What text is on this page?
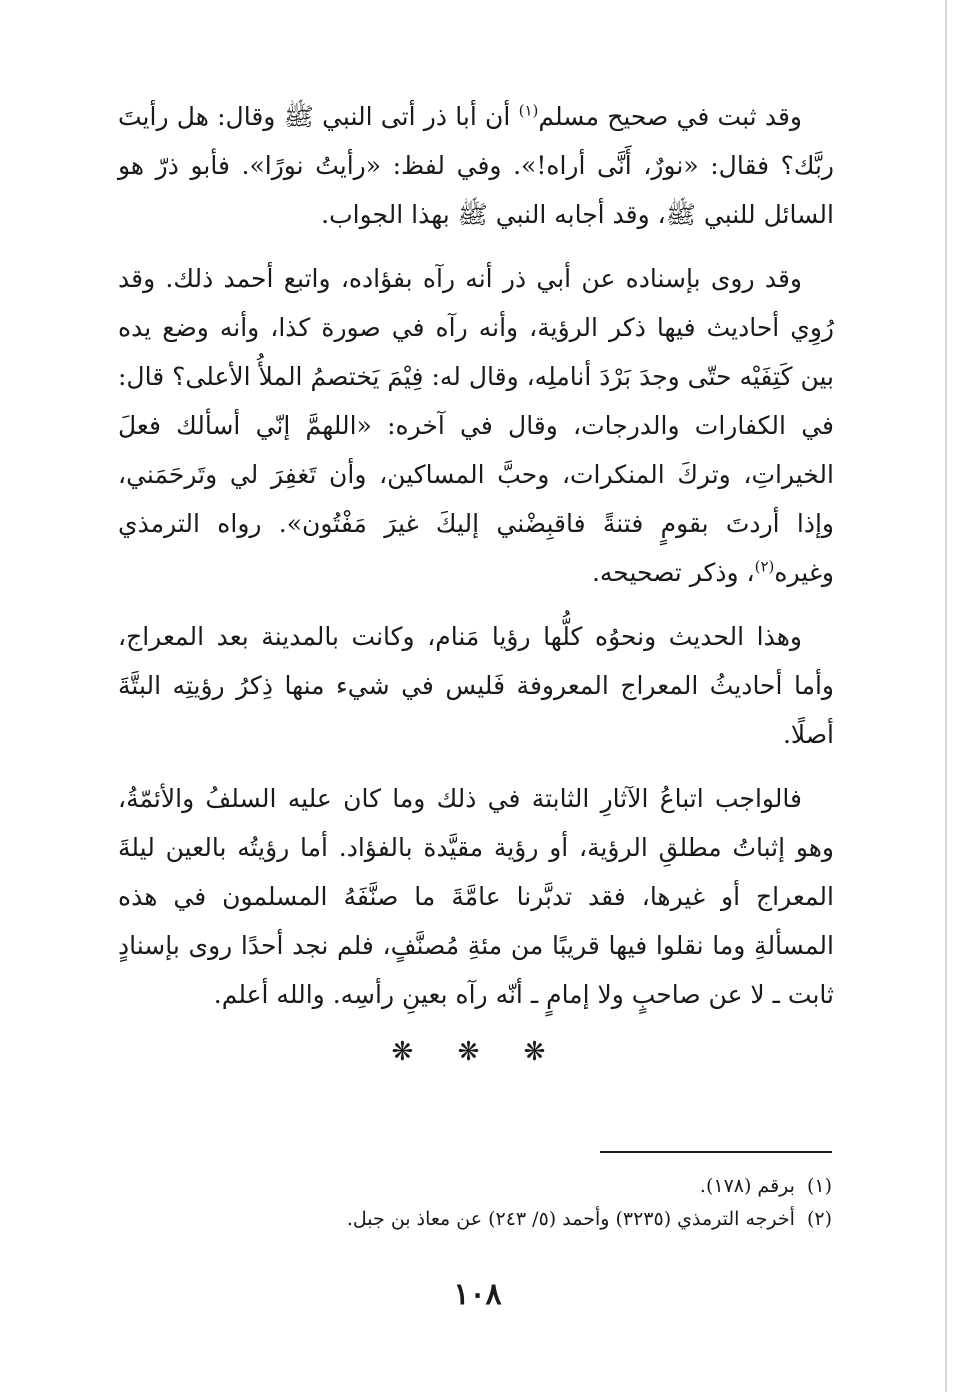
وقد ثبت في صحيح مسلم$^{(١)}$ أن أبا ذر أتى النبي ﷺ وقال: هل رأيتَ ربَّك؟ فقال: «نورٌ، أَنَّى أراه!». وفي لفظ: «رأيتُ نورًا». فأبو ذرّ هو السائل للنبي ﷺ، وقد أجابه النبي ﷺ بهذا الجواب.

وقد روى بإسناده عن أبي ذر أنه رآه بفؤاده، واتبع أحمد ذلك. وقد رُوِي أحاديث فيها ذكر الرؤية، وأنه رآه في صورة كذا، وأنه وضع يده بين كَتِفَيْه حتّى وجدَ بَرْدَ أناملِه، وقال له: فِيْمَ يَختصمُ الملأُ الأعلى؟ قال: في الكفارات والدرجات، وقال في آخره: «اللهمَّ إنّي أسألك فعلَ الخيراتِ، وتركَ المنكرات، وحبَّ المساكين، وأن تَغفِرَ لي وتَرحَمَني، وإذا أردتَ بقومٍ فتنةً فاقبِضْني إليكَ غيرَ مَفْتُون». رواه الترمذي وغيره$^{(٢)}$، وذكر تصحيحه.

وهذا الحديث ونحوُه كلُّها رؤيا مَنام، وكانت بالمدينة بعد المعراج، وأما أحاديثُ المعراج المعروفة فَليس في شيء منها ذِكرُ رؤيتِه البتَّةَ أصلًا.

فالواجب اتباعُ الآثارِ الثابتة في ذلك وما كان عليه السلفُ والأئمّةُ، وهو إثباتُ مطلقِ الرؤية، أو رؤية مقيَّدة بالفؤاد. أما رؤيتُه بالعين ليلةَ المعراج أو غيرها، فقد تدبَّرنا عامَّةَ ما صنَّفَهُ المسلمون في هذه المسألةِ وما نقلوا فيها قريبًا من مئةِ مُصنَّفٍ، فلم نجد أحدًا روى بإسنادٍ ثابت ـ لا عن صاحبٍ ولا إمامٍ ـ أنّه رآه بعينِ رأسِه. والله أعلم.

❋ ❋ ❋

(١)برقم (١٧٨).

(٢)أخرجه الترمذي (٣٢٣٥) وأحمد (٥/ ٢٤٣) عن معاذ بن جبل.

١٠٨
